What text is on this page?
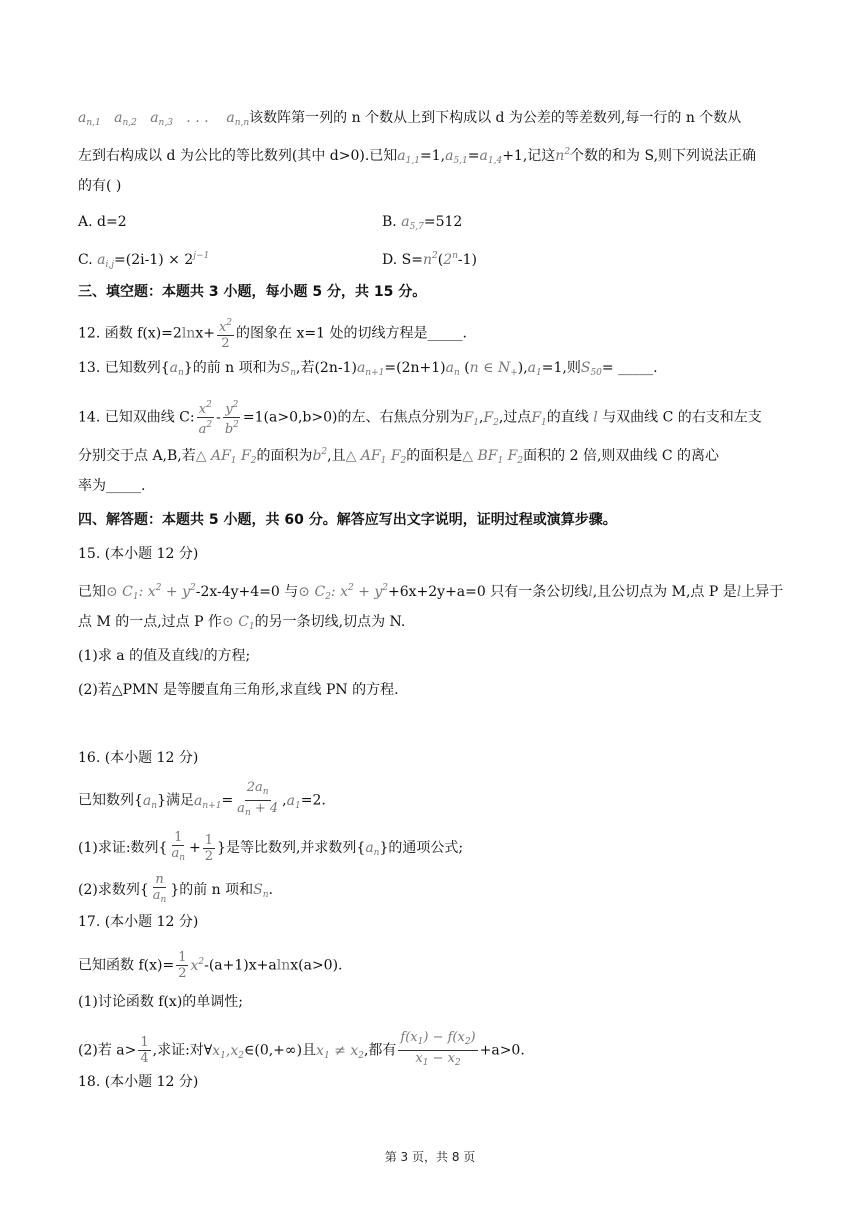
$a_{n,1}$   $a_{n,2}$   $a_{n,3}$   . . .    $a_{n,n}$该数阵第一列的 n 个数从上到下构成以 d 为公差的等差数列,每一行的 n 个数从
左到右构成以 d 为公比的等比数列(其中 d>0).已知$a_{1,1}=1,a_{5,1}=a_{1,4}+1$,记这$n^2$个数的和为 S,则下列说法正确
的有( )
A. d=2	B. $a_{5,7}=512$
C. $a_{i,j}=(2i-1) \times 2^{j-1}$	D. $S=n^2(2^n-1)$
三、填空题：本题共 3 小题，每小题 5 分，共 15 分。
12. 函数 $f(x)=2\ln x+ \frac{x^2}{2}$ 的图象在 x=1 处的切线方程是_____.
13. 已知数列$\{a_n\}$的前 n 项和为$S_n$,若$(2n-1)a_{n+1}=(2n+1)a_n$ (n ∈ $N_+),a_1=1$,则$S_{50}=$ _____.
14. 已知双曲线 C: $\frac{x^2}{a^2} - \frac{y^2}{b^2} =1(a>0,b>0)$的左、右焦点分别为$F_1,F_2$,过点$F_1$的直线 l 与双曲线 C 的右支和左支
分别交于点 A,B,若△ $AF_1$ $F_2$的面积为$b^2$,且△ $AF_1$ $F_2$的面积是△ $BF_1$ $F_2$面积的 2 倍,则双曲线 C 的离心
率为_____.
四、解答题：本题共 5 小题，共 60 分。解答应写出文字说明，证明过程或演算步骤。
15. (本小题 12 分)
已知⊙ $C_1$: $x^2 + y^2-2x-4y+4=0$ 与⊙ $C_2$: $x^2 + y^2+6x+2y+a=0$ 只有一条公切线l,且公切点为 M,点 P 是l上异于
点 M 的一点,过点 P 作⊙ $C_1$的另一条切线,切点为 N.
(1)求 a 的值及直线l的方程;
(2)若△PMN 是等腰直角三角形,求直线 PN 的方程.
16. (本小题 12 分)
已知数列$\{a_n\}$满足$a_{n+1}= \frac{2a_n}{a_n + 4} ,a_1=2$.
(1)求证:数列{ $\frac{1}{a_n} + \frac{1}{2}$ }是等比数列,并求数列$\{a_n\}$的通项公式;
(2)求数列{ $\frac{n}{a_n}$ }的前 n 项和$S_n$.
17. (本小题 12 分)
已知函数 $f(x)= \frac{1}{2} x^2-(a+1)x+alnx(a>0)$.
(1)讨论函数 f(x)的单调性;
(2)若 $a> \frac{1}{4}$ ,求证:对$\forall x_1,x_2\in(0,+\infty)$且$x_1 \ne x_2$,都有 $\frac{f(x_1) - f(x_2)}{x_1 - x_2} +a>0$.
18. (本小题 12 分)
第 3 页，共 8 页
